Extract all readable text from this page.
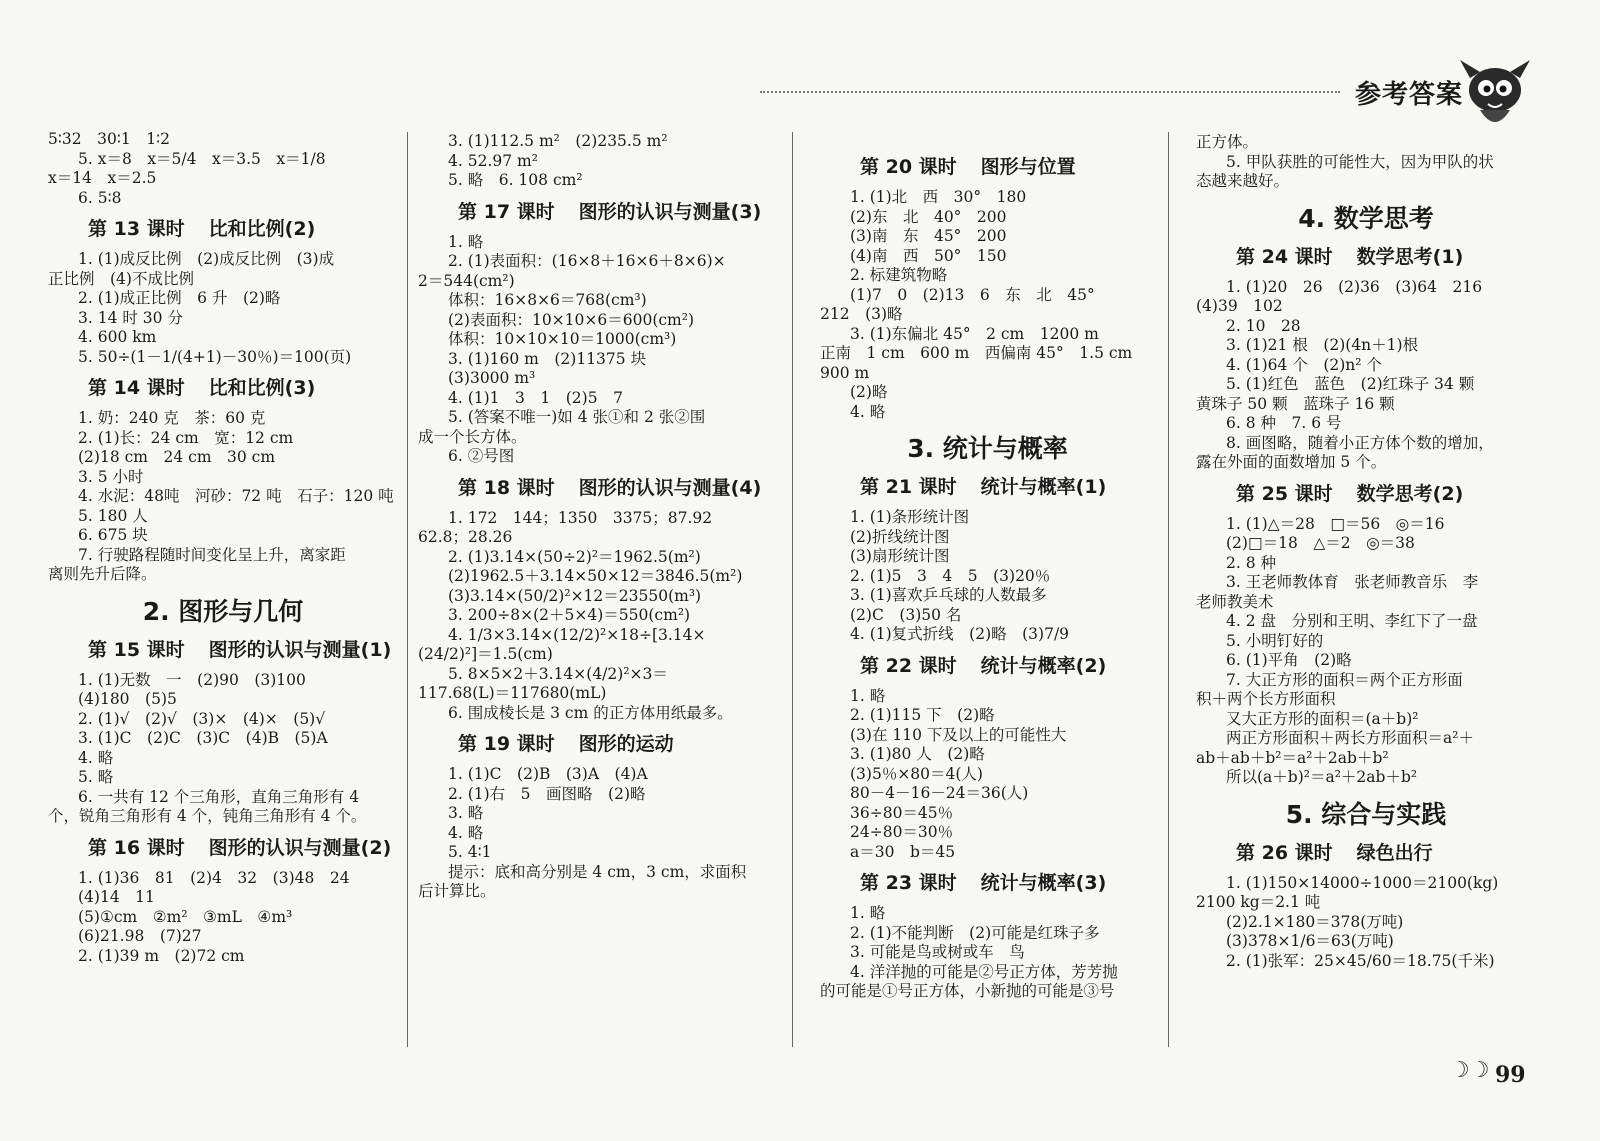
参考答案
5∶32　30∶1　1∶2
5. x＝8　x＝5/4　x＝3.5　x＝1/8
x＝14　x＝2.5
6. 5∶8
第 13 课时 比和比例(2)
1. (1)成反比例　(2)成反比例　(3)成
正比例　(4)不成比例
2. (1)成正比例　6 升　(2)略
3. 14 时 30 分
4. 600 km
5. 50÷(1－1/(4+1)－30％)＝100(页)
第 14 课时 比和比例(3)
1. 奶：240 克　茶：60 克
2. (1)长：24 cm　宽：12 cm
(2)18 cm　24 cm　30 cm
3. 5 小时
4. 水泥：48吨　河砂：72 吨　石子：120 吨
5. 180 人
6. 675 块
7. 行驶路程随时间变化呈上升，离家距
离则先升后降。
2. 图形与几何
第 15 课时 图形的认识与测量(1)
1. (1)无数　一　(2)90　(3)100
(4)180　(5)5
2. (1)√　(2)√　(3)×　(4)×　(5)√
3. (1)C　(2)C　(3)C　(4)B　(5)A
4. 略
5. 略
6. 一共有 12 个三角形，直角三角形有 4
个，锐角三角形有 4 个，钝角三角形有 4 个。
第 16 课时 图形的认识与测量(2)
1. (1)36　81　(2)4　32　(3)48　24
(4)14　11
(5)①cm　②m²　③mL　④m³
(6)21.98　(7)27
2. (1)39 m　(2)72 cm
3. (1)112.5 m²　(2)235.5 m²
4. 52.97 m²
5. 略　6. 108 cm²
第 17 课时 图形的认识与测量(3)
1. 略
2. (1)表面积：(16×8＋16×6＋8×6)×
2＝544(cm²)
体积：16×8×6＝768(cm³)
(2)表面积：10×10×6＝600(cm²)
体积：10×10×10＝1000(cm³)
3. (1)160 m　(2)11375 块
(3)3000 m³
4. (1)1　3　1　(2)5　7
5. (答案不唯一)如 4 张①和 2 张②围
成一个长方体。
6. ②号图
第 18 课时 图形的认识与测量(4)
1. 172　144；1350　3375；87.92
62.8；28.26
2. (1)3.14×(50÷2)²＝1962.5(m²)
(2)1962.5＋3.14×50×12＝3846.5(m²)
(3)3.14×(50/2)²×12＝23550(m³)
3. 200÷8×(2＋5×4)＝550(cm²)
4. 1/3×3.14×(12/2)²×18÷[3.14×
(24/2)²]＝1.5(cm)
5. 8×5×2＋3.14×(4/2)²×3＝
117.68(L)＝117680(mL)
6. 围成棱长是 3 cm 的正方体用纸最多。
第 19 课时 图形的运动
1. (1)C　(2)B　(3)A　(4)A
2. (1)右　5　画图略　(2)略
3. 略
4. 略
5. 4∶1
提示：底和高分别是 4 cm，3 cm，求面积
后计算比。
第 20 课时 图形与位置
1. (1)北　西　30°　180
(2)东　北　40°　200
(3)南　东　45°　200
(4)南　西　50°　150
2. 标建筑物略
(1)7　0　(2)13　6　东　北　45°
212　(3)略
3. (1)东偏北 45°　2 cm　1200 m
正南　1 cm　600 m　西偏南 45°　1.5 cm
900 m
(2)略
4. 略
3. 统计与概率
第 21 课时 统计与概率(1)
1. (1)条形统计图
(2)折线统计图
(3)扇形统计图
2. (1)5　3　4　5　(3)20％
3. (1)喜欢乒乓球的人数最多
(2)C　(3)50 名
4. (1)复式折线　(2)略　(3)7/9
第 22 课时 统计与概率(2)
1. 略
2. (1)115 下　(2)略
(3)在 110 下及以上的可能性大
3. (1)80 人　(2)略
(3)5％×80＝4(人)
80－4－16－24＝36(人)
36÷80＝45％
24÷80＝30％
a＝30　b＝45
第 23 课时 统计与概率(3)
1. 略
2. (1)不能判断　(2)可能是红珠子多
3. 可能是鸟或树或车　鸟
4. 洋洋抛的可能是②号正方体，芳芳抛
的可能是①号正方体，小新抛的可能是③号
正方体。
5. 甲队获胜的可能性大，因为甲队的状
态越来越好。
4. 数学思考
第 24 课时 数学思考(1)
1. (1)20　26　(2)36　(3)64　216
(4)39　102
2. 10　28
3. (1)21 根　(2)(4n＋1)根
4. (1)64 个　(2)n² 个
5. (1)红色　蓝色　(2)红珠子 34 颗
黄珠子 50 颗　蓝珠子 16 颗
6. 8 种　7. 6 号
8. 画图略，随着小正方体个数的增加，
露在外面的面数增加 5 个。
第 25 课时 数学思考(2)
1. (1)△＝28　□＝56　◎＝16
(2)□＝18　△＝2　◎＝38
2. 8 种
3. 王老师教体育　张老师教音乐　李
老师教美术
4. 2 盘　分别和王明、李红下了一盘
5. 小明钉好的
6. (1)平角　(2)略
7. 大正方形的面积＝两个正方形面
积＋两个长方形面积
又大正方形的面积＝(a＋b)²
两正方形面积＋两长方形面积＝a²＋
ab＋ab＋b²＝a²＋2ab＋b²
所以(a＋b)²＝a²＋2ab＋b²
5. 综合与实践
第 26 课时 绿色出行
1. (1)150×14000÷1000＝2100(kg)
2100 kg＝2.1 吨
(2)2.1×180＝378(万吨)
(3)378×1/6＝63(万吨)
2. (1)张军：25×45/60＝18.75(千米)
☽☽ 99
